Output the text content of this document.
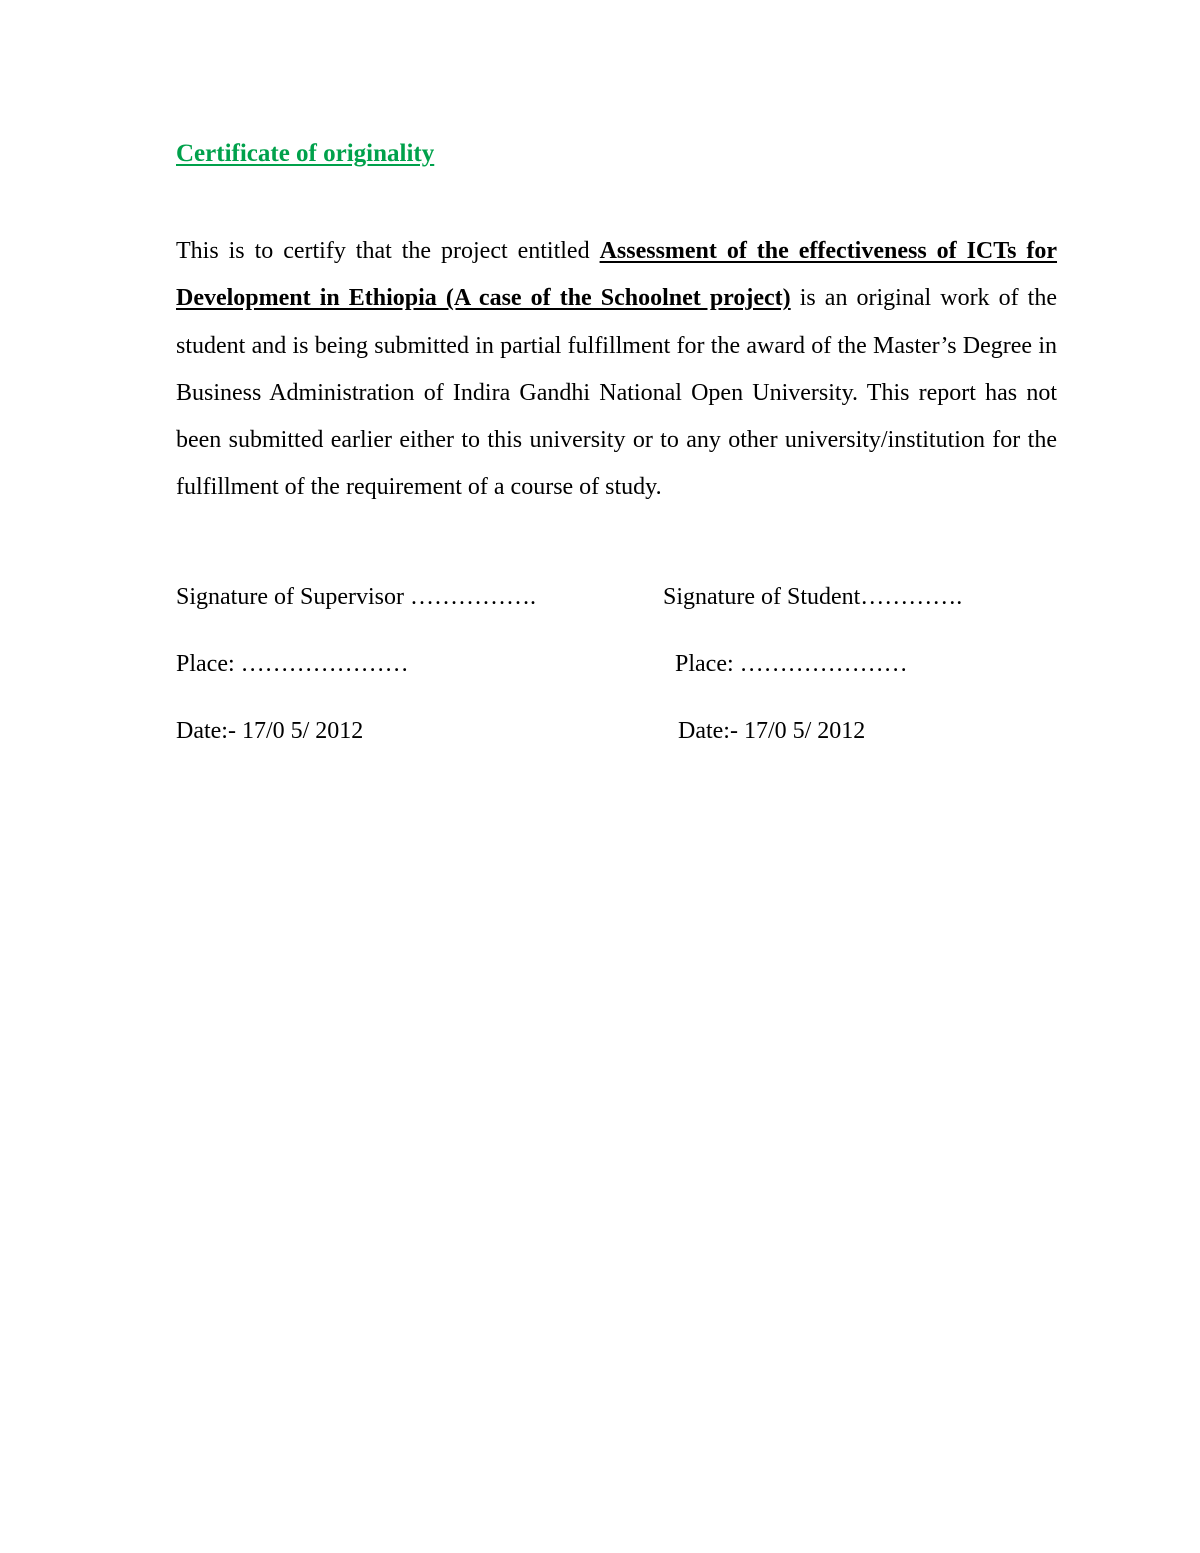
Certificate of originality

This is to certify that the project entitled Assessment of the effectiveness of ICTs for Development in Ethiopia (A case of the Schoolnet project) is an original work of the student and is being submitted in partial fulfillment for the award of the Master’s Degree in Business Administration of Indira Gandhi National Open University. This report has not been submitted earlier either to this university or to any other university/institution for the fulfillment of the requirement of a course of study.

Signature of Supervisor …………….	Signature of Student………….
Place: …………………	Place: …………………
Date:- 17/0 5/ 2012	Date:- 17/0 5/ 2012
